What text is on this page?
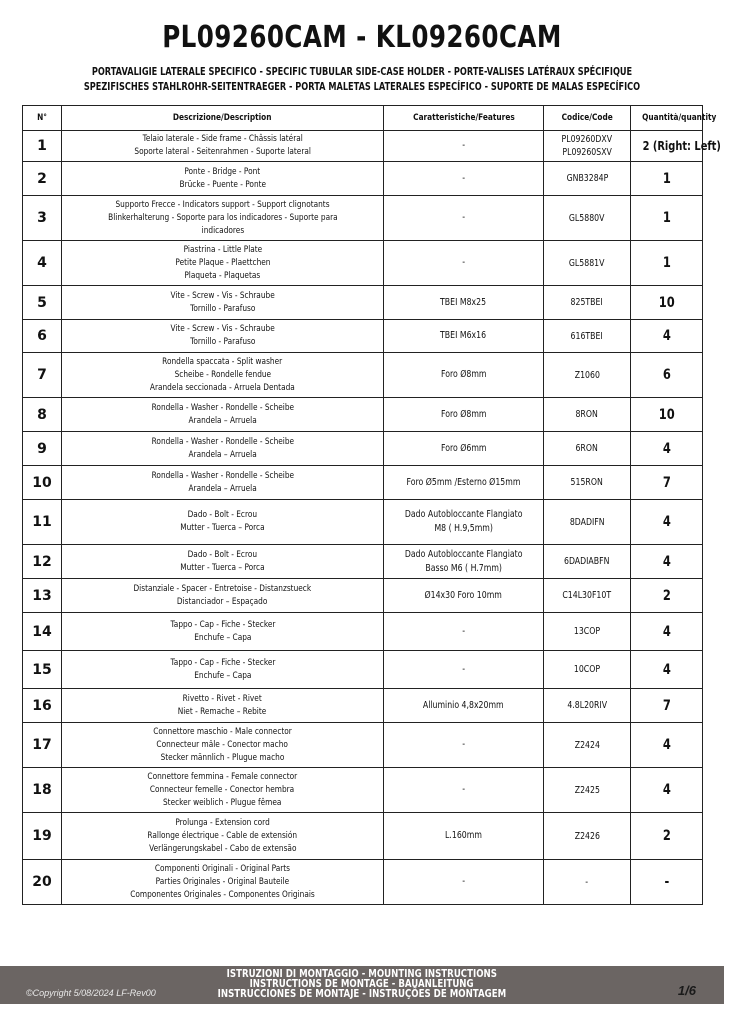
PL09260CAM - KL09260CAM
PORTAVALIGIE LATERALE SPECIFICO - SPECIFIC TUBULAR SIDE-CASE HOLDER - PORTE-VALISES LATÉRAUX SPÉCIFIQUE
SPEZIFISCHES STAHLROHR-SEITENTRAEGER - PORTA MALETAS LATERALES ESPECÍFICO - SUPORTE DE MALAS ESPECÍFICO
N°	Descrizione/Description	Caratteristiche/Features	Codice/Code	Quantità/quantity
1	Telaio laterale - Side frame - Châssis latéral
Soporte lateral - Seitenrahmen - Suporte lateral	-	PL09260DXV
PL09260SXV	2 (Right: Left)
2	Ponte - Bridge - Pont
Brücke - Puente - Ponte	-	GNB3284P	1
3	Supporto Frecce - Indicators support - Support clignotants
Blinkerhalterung - Soporte para los indicadores - Suporte para
indicadores	-	GL5880V	1
4	Piastrina - Little Plate
Petite Plaque - Plaettchen
Plaqueta - Plaquetas	-	GL5881V	1
5	Vite - Screw - Vis - Schraube
Tornillo - Parafuso	TBEI M8x25	825TBEI	10
6	Vite - Screw - Vis - Schraube
Tornillo - Parafuso	TBEI M6x16	616TBEI	4
7	Rondella spaccata - Split washer
Scheibe - Rondelle fendue
Arandela seccionada - Arruela Dentada	Foro Ø8mm	Z1060	6
8	Rondella - Washer - Rondelle - Scheibe
Arandela – Arruela	Foro Ø8mm	8RON	10
9	Rondella - Washer - Rondelle - Scheibe
Arandela – Arruela	Foro Ø6mm	6RON	4
10	Rondella - Washer - Rondelle - Scheibe
Arandela – Arruela	Foro Ø5mm /Esterno Ø15mm	515RON	7
11	Dado - Bolt - Ecrou
Mutter - Tuerca – Porca	Dado Autobloccante Flangiato
M8 ( H.9,5mm)	8DADIFN	4
12	Dado - Bolt - Ecrou
Mutter - Tuerca – Porca	Dado Autobloccante Flangiato
Basso M6 ( H.7mm)	6DADIABFN	4
13	Distanziale - Spacer - Entretoise - Distanzstueck
Distanciador – Espaçado	Ø14x30 Foro 10mm	C14L30F10T	2
14	Tappo - Cap - Fiche - Stecker
Enchufe – Capa	-	13COP	4
15	Tappo - Cap - Fiche - Stecker
Enchufe – Capa	-	10COP	4
16	Rivetto - Rivet - Rivet
Niet - Remache – Rebite	Alluminio 4,8x20mm	4.8L20RIV	7
17	Connettore maschio - Male connector
Connecteur mâle - Conector macho
Stecker männlich - Plugue macho	-	Z2424	4
18	Connettore femmina - Female connector
Connecteur femelle - Conector hembra
Stecker weiblich - Plugue fêmea	-	Z2425	4
19	Prolunga - Extension cord
Rallonge électrique - Cable de extensión
Verlängerungskabel - Cabo de extensão	L.160mm	Z2426	2
20	Componenti Originali - Original Parts
Parties Originales - Original Bauteile
Componentes Originales - Componentes Originais	-	-	-
ISTRUZIONI DI MONTAGGIO - MOUNTING INSTRUCTIONS
INSTRUCTIONS DE MONTAGE - BAUANLEITUNG
INSTRUCCIONES DE MONTAJE - INSTRUÇÕES DE MONTAGEM
©Copyright 5/08/2024 LF-Rev00	1/6
